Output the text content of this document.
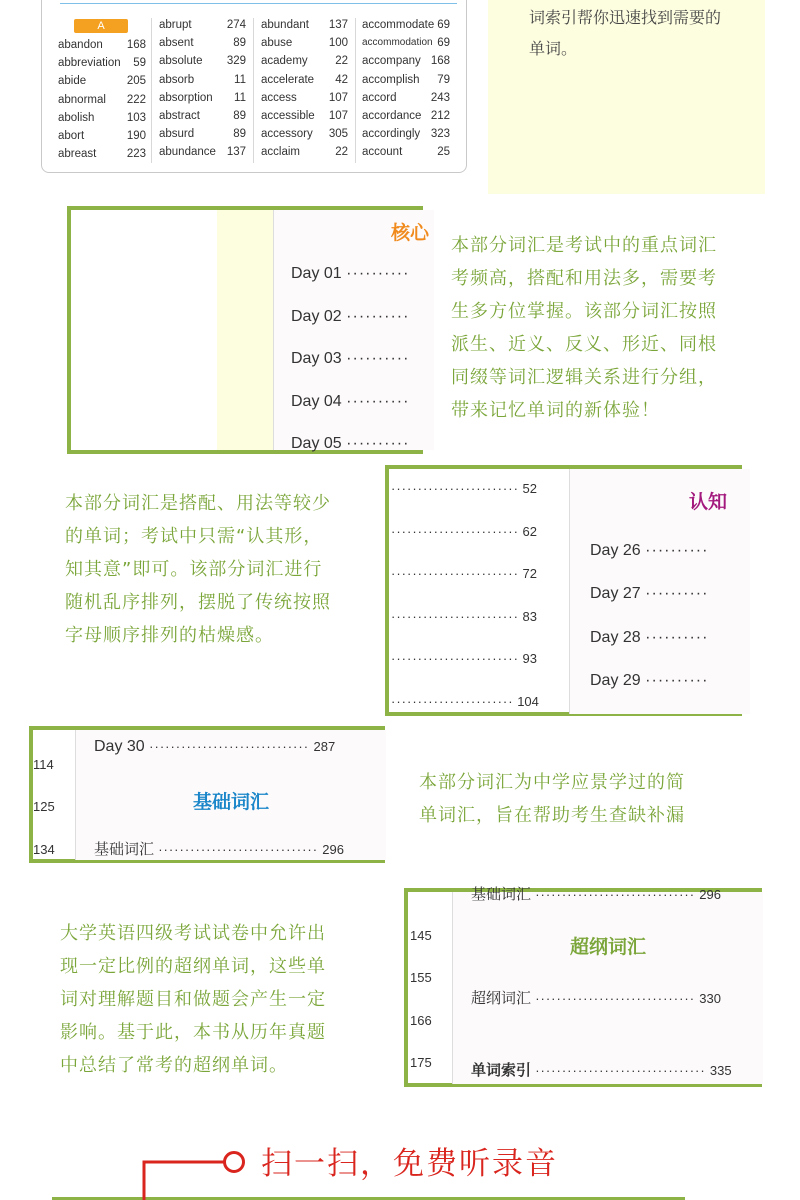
A
abandon 168
abbreviation 59
abide	205
abnormal 222
abolish	103
abort	190
abreast	223
abrupt	274
absent	89
absolute 329
absorb	11
absorption 11
abstract	89
absurd	89
abundance 137
abundant 137
abuse	100
academy 22
accelerate 42
access	107
accessible 107
accessory 305
acclaim	22
accommodate 69
accommodation 69
accompany 168
accomplish 79
accord	243
accordance 212
accordingly 323
account	25
词索引帮你迅速找到需要的
单词。
核心
Day 01 ··········
Day 02 ··········
Day 03 ··········
Day 04 ··········
Day 05 ··········
本部分词汇是考试中的重点词汇
考频高，搭配和用法多，需要考
生多方位掌握。该部分词汇按照
派生、近义、反义、形近、同根
同缀等词汇逻辑关系进行分组，
带来记忆单词的新体验！
本部分词汇是搭配、用法等较少
的单词；考试中只需“认其形，
知其意”即可。该部分词汇进行
随机乱序排列，摆脱了传统按照
字母顺序排列的枯燥感。
························ 52
························ 62
························ 72
························ 83
························ 93
······················· 104
认知
Day 26 ··········
Day 27 ··········
Day 28 ··········
Day 29 ··········
114
125
134
Day 30 ······························ 287
基础词汇
基础词汇 ······························ 296
本部分词汇为中学应景学过的简
单词汇，旨在帮助考生查缺补漏
大学英语四级考试试卷中允许出
现一定比例的超纲单词，这些单
词对理解题目和做题会产生一定
影响。基于此，本书从历年真题
中总结了常考的超纲单词。
基础词汇 ······························ 296
145
155
166
175
超纲词汇
超纲词汇 ······························ 330
单词索引 ································ 335
扫一扫，免费听录音
